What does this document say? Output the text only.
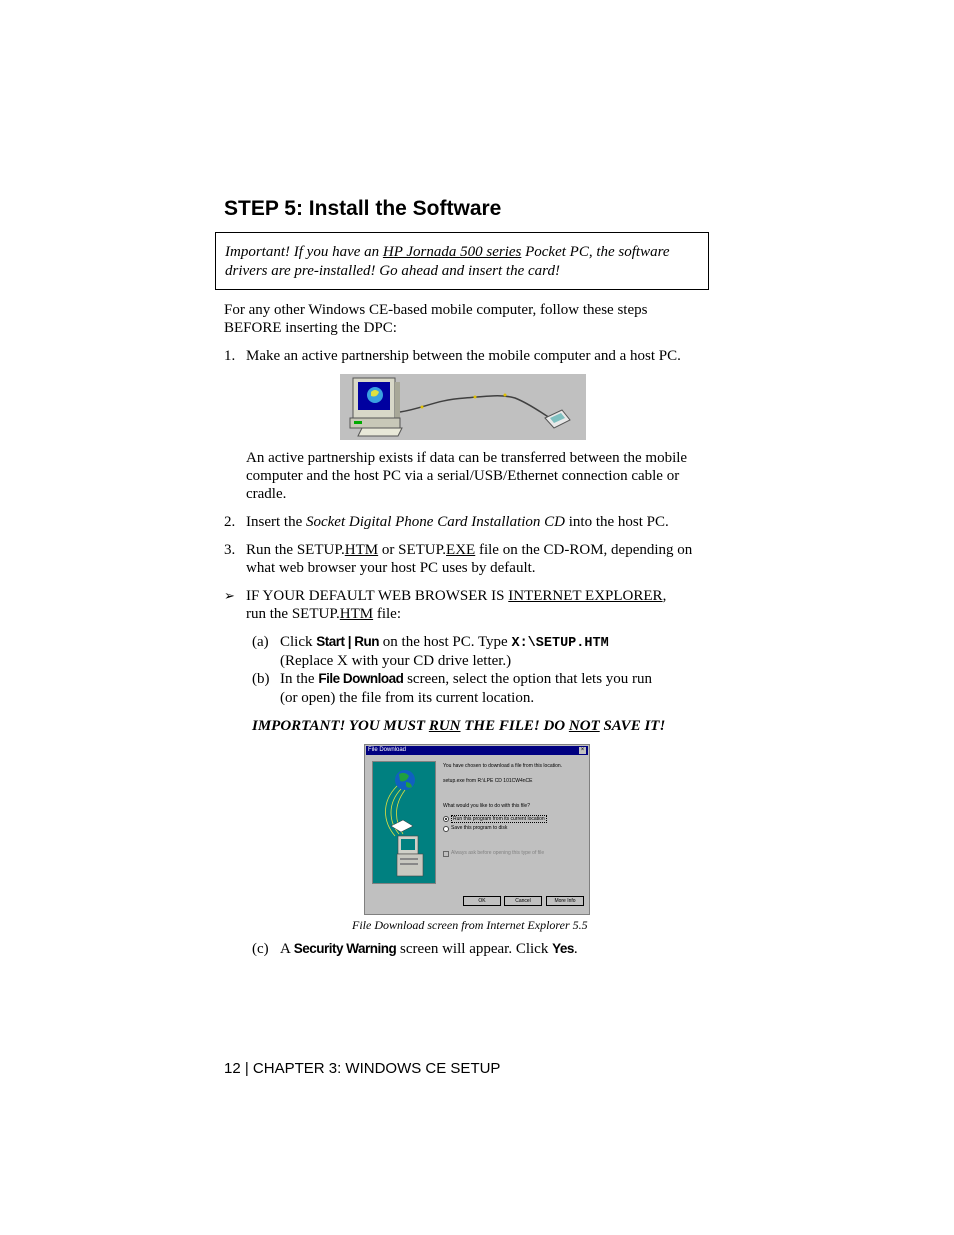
STEP 5: Install the Software

Important! If you have an HP Jornada 500 series Pocket PC, the software drivers are pre-installed! Go ahead and insert the card!

For any other Windows CE-based mobile computer, follow these steps BEFORE inserting the DPC:
1. Make an active partnership between the mobile computer and a host PC.
An active partnership exists if data can be transferred between the mobile computer and the host PC via a serial/USB/Ethernet connection cable or cradle.
2. Insert the Socket Digital Phone Card Installation CD into the host PC.
3. Run the SETUP.HTM or SETUP.EXE file on the CD-ROM, depending on what web browser your host PC uses by default.
➢ IF YOUR DEFAULT WEB BROWSER IS INTERNET EXPLORER,
run the SETUP.HTM file:
(a) Click Start | Run on the host PC. Type X:\SETUP.HTM
(Replace X with your CD drive letter.)
(b) In the File Download screen, select the option that lets you run
(or open) the file from its current location.
IMPORTANT! YOU MUST RUN THE FILE! DO NOT SAVE IT!
File Download	×
You have chosen to download a file from this location.
setup.exe from R:\LPE CD 101CW4nCE
What would you like to do with this file?
Run this program from its current location
Save this program to disk
Always ask before opening this type of file
OK	Cancel	More Info
File Download screen from Internet Explorer 5.5
(c) A Security Warning screen will appear. Click Yes.
12 | CHAPTER 3: WINDOWS CE SETUP
